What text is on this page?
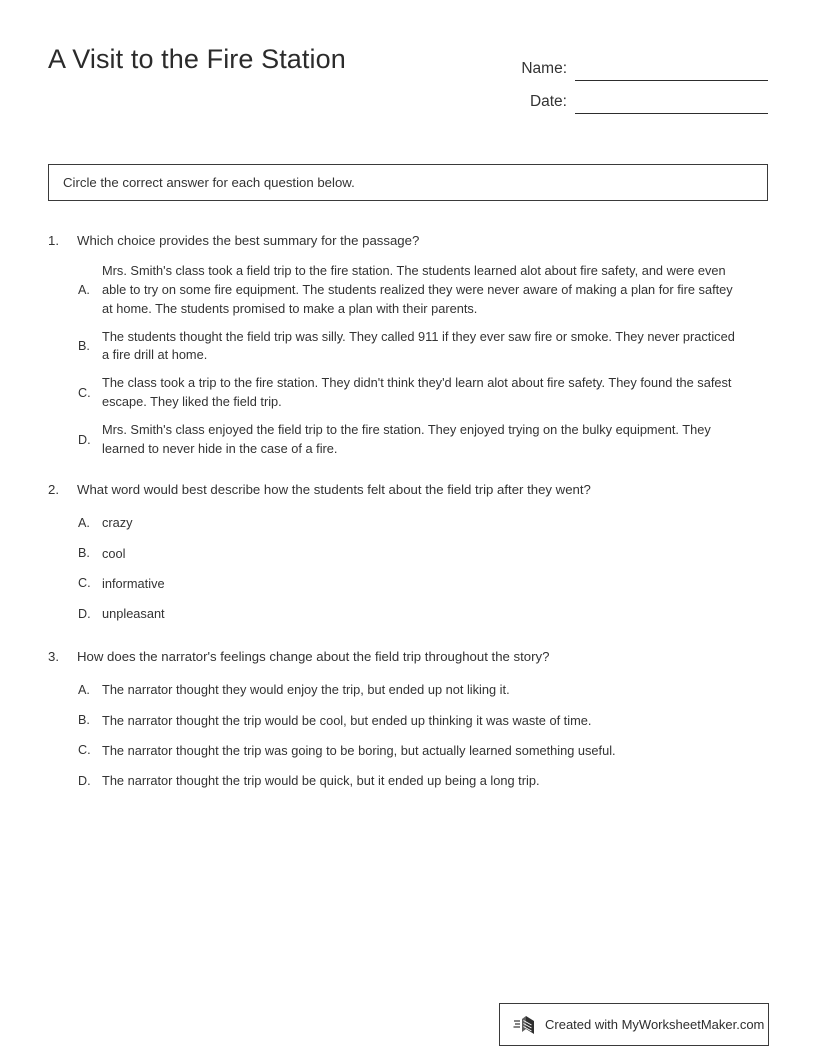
A Visit to the Fire Station	Name:
Date:
Circle the correct answer for each question below.
1.	Which choice provides the best summary for the passage?
A.
Mrs. Smith's class took a field trip to the fire station. The students learned alot about fire safety, and were even able to try on some fire equipment. The students realized they were never aware of making a plan for fire saftey at home. The students promised to make a plan with their parents.
B.
The students thought the field trip was silly. They called 911 if they ever saw fire or smoke. They never practiced a fire drill at home.
C.
The class took a trip to the fire station. They didn't think they'd learn alot about fire safety. They found the safest escape. They liked the field trip.
D.
Mrs. Smith's class enjoyed the field trip to the fire station. They enjoyed trying on the bulky equipment. They learned to never hide in the case of a fire.
2.	What word would best describe how the students felt about the field trip after they went?
A. crazy
B. cool
C. informative
D. unpleasant
3.	How does the narrator's feelings change about the field trip throughout the story?
A. The narrator thought they would enjoy the trip, but ended up not liking it.
B. The narrator thought the trip would be cool, but ended up thinking it was waste of time.
C. The narrator thought the trip was going to be boring, but actually learned something useful.
D. The narrator thought the trip would be quick, but it ended up being a long trip.
Created with MyWorksheetMaker.com
